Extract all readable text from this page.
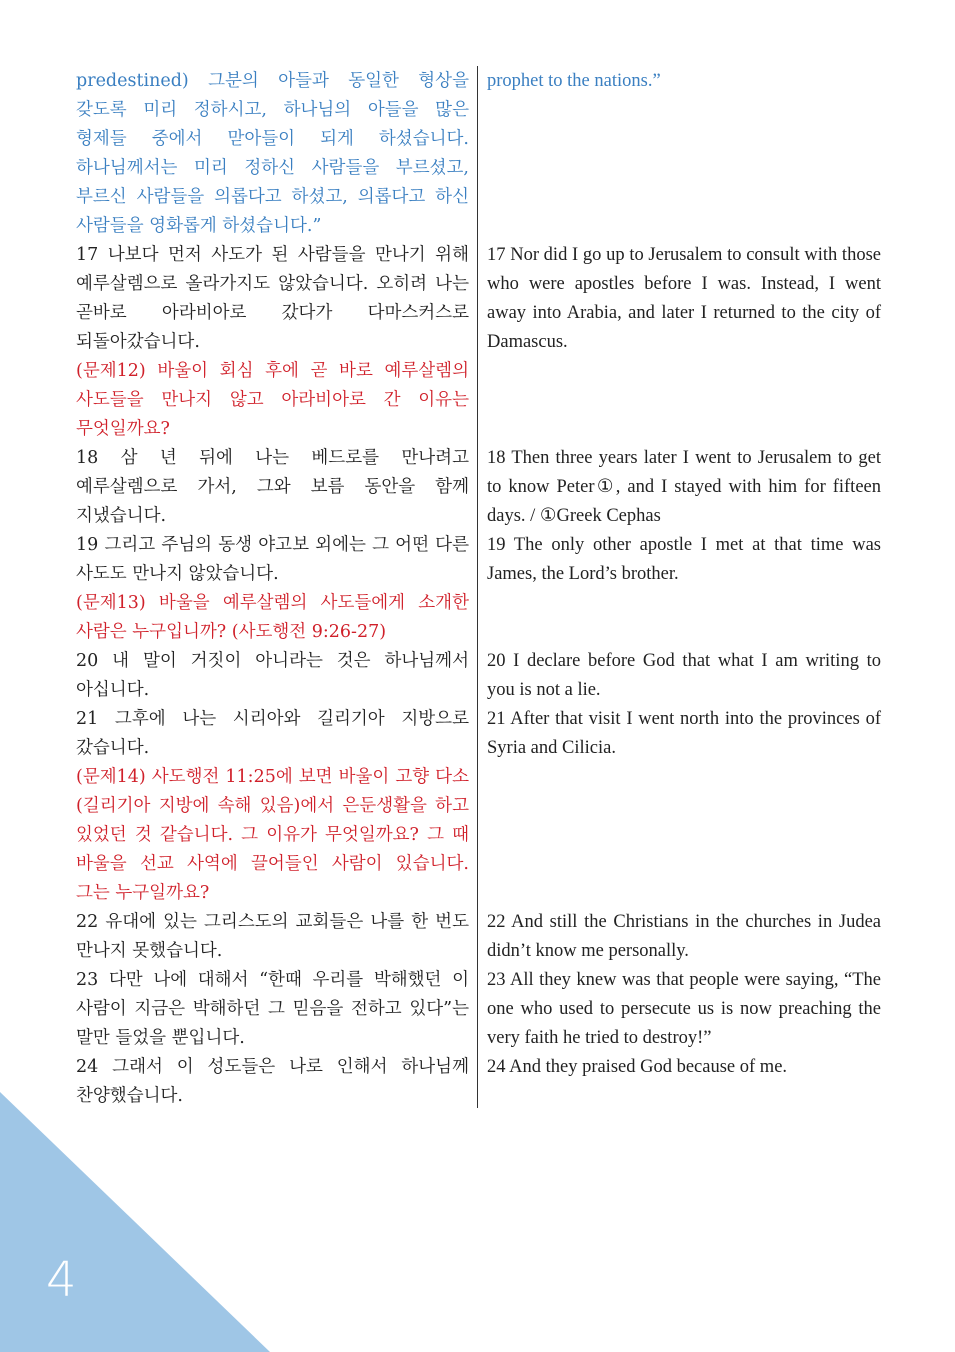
4
predestined) 그분의 아들과 동일한 형상을 갖도록 미리 정하시고, 하나님의 아들을 많은 형제들 중에서 맏아들이 되게 하셨습니다. 하나님께서는 미리 정하신 사람들을 부르셨고, 부르신 사람들을 의롭다고 하셨고, 의롭다고 하신 사람들을 영화롭게 하셨습니다.”
17 나보다 먼저 사도가 된 사람들을 만나기 위해 예루살렘으로 올라가지도 않았습니다. 오히려 나는 곧바로 아라비아로 갔다가 다마스커스로 되돌아갔습니다.
(문제12) 바울이 회심 후에 곧 바로 예루살렘의 사도들을 만나지 않고 아라비아로 간 이유는 무엇일까요?
18 삼 년 뒤에 나는 베드로를 만나려고 예루살렘으로 가서, 그와 보름 동안을 함께 지냈습니다.
19 그리고 주님의 동생 야고보 외에는 그 어떤 다른 사도도 만나지 않았습니다.
(문제13) 바울을 예루살렘의 사도들에게 소개한 사람은 누구입니까? (사도행전 9:26-27)
20 내 말이 거짓이 아니라는 것은 하나님께서 아십니다.
21 그후에 나는 시리아와 길리기아 지방으로 갔습니다.
(문제14) 사도행전 11:25에 보면 바울이 고향 다소 (길리기아 지방에 속해 있음)에서 은둔생활을 하고 있었던 것 같습니다. 그 이유가 무엇일까요? 그 때 바울을 선교 사역에 끌어들인 사람이 있습니다. 그는 누구일까요?
22 유대에 있는 그리스도의 교회들은 나를 한 번도 만나지 못했습니다.
23 다만 나에 대해서 “한때 우리를 박해했던 이 사람이 지금은 박해하던 그 믿음을 전하고 있다”는 말만 들었을 뿐입니다.
24 그래서 이 성도들은 나로 인해서 하나님께 찬양했습니다.
prophet to the nations.”
17 Nor did I go up to Jerusalem to consult with those who were apostles before I was. Instead, I went away into Arabia, and later I returned to the city of Damascus.
18 Then three years later I went to Jerusalem to get to know Peter①, and I stayed with him for fifteen days. / ①Greek Cephas
19 The only other apostle I met at that time was James, the Lord’s brother.
20 I declare before God that what I am writing to you is not a lie.
21 After that visit I went north into the provinces of Syria and Cilicia.
22 And still the Christians in the churches in Judea didn’t know me personally.
23 All they knew was that people were saying, “The one who used to persecute us is now preaching the very faith he tried to destroy!”
24 And they praised God because of me.
